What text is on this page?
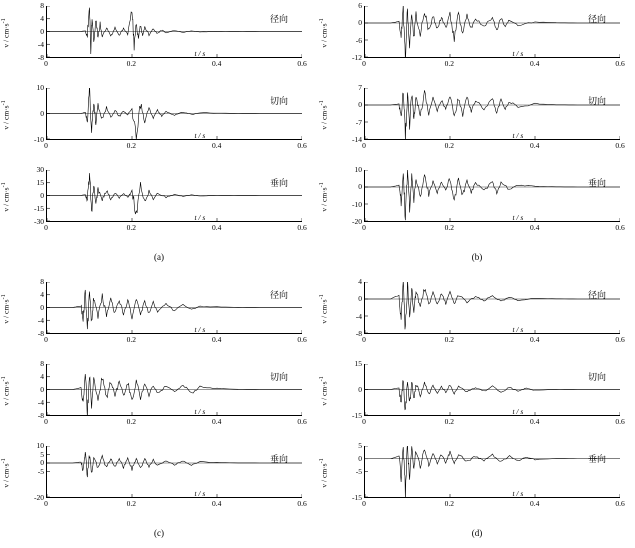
$v / cm\cdot s^{-1}$
8
4
0
-4
-8
径向
0	0.2	0.4	0.6
t / s
$v / cm\cdot s^{-1}$
10
0
-10
切向
0	0.2	0.4	0.6
t / s
$v / cm\cdot s^{-1}$
30
15
0
-15
-30
垂向
0	0.2	0.4	0.6
t / s
(a)
$v / cm\cdot s^{-1}$
6
0
-6
-12
径向
0	0.2	0.4	0.6
t / s
$v / cm\cdot s^{-1}$
7
0
-7
-14
切向
0	0.2	0.4	0.6
t / s
$v / cm\cdot s^{-1}$
10
0
-10
-20
垂向
0	0.2	0.4	0.6
t / s
(b)
$v / cm\cdot s^{-1}$
8
4
0
-4
-8
径向
0	0.2	0.4	0.6
t / s
$v / cm\cdot s^{-1}$
8
4
0
-4
-8
切向
0	0.2	0.4	0.6
t / s
$v / cm\cdot s^{-1}$
10
5
0
-5
-20
垂向
0	0.2	0.4	0.6
t / s
(c)
$v / cm\cdot s^{-1}$
4
0
-4
-8
径向
0	0.2	0.4	0.6
t / s
$v / cm\cdot s^{-1}$
15
0
-15
切向
0	0.2	0.4	0.6
t / s
$v / cm\cdot s^{-1}$
5
0
-5
-15
垂向
0	0.2	0.4	0.6
t / s
(d)
